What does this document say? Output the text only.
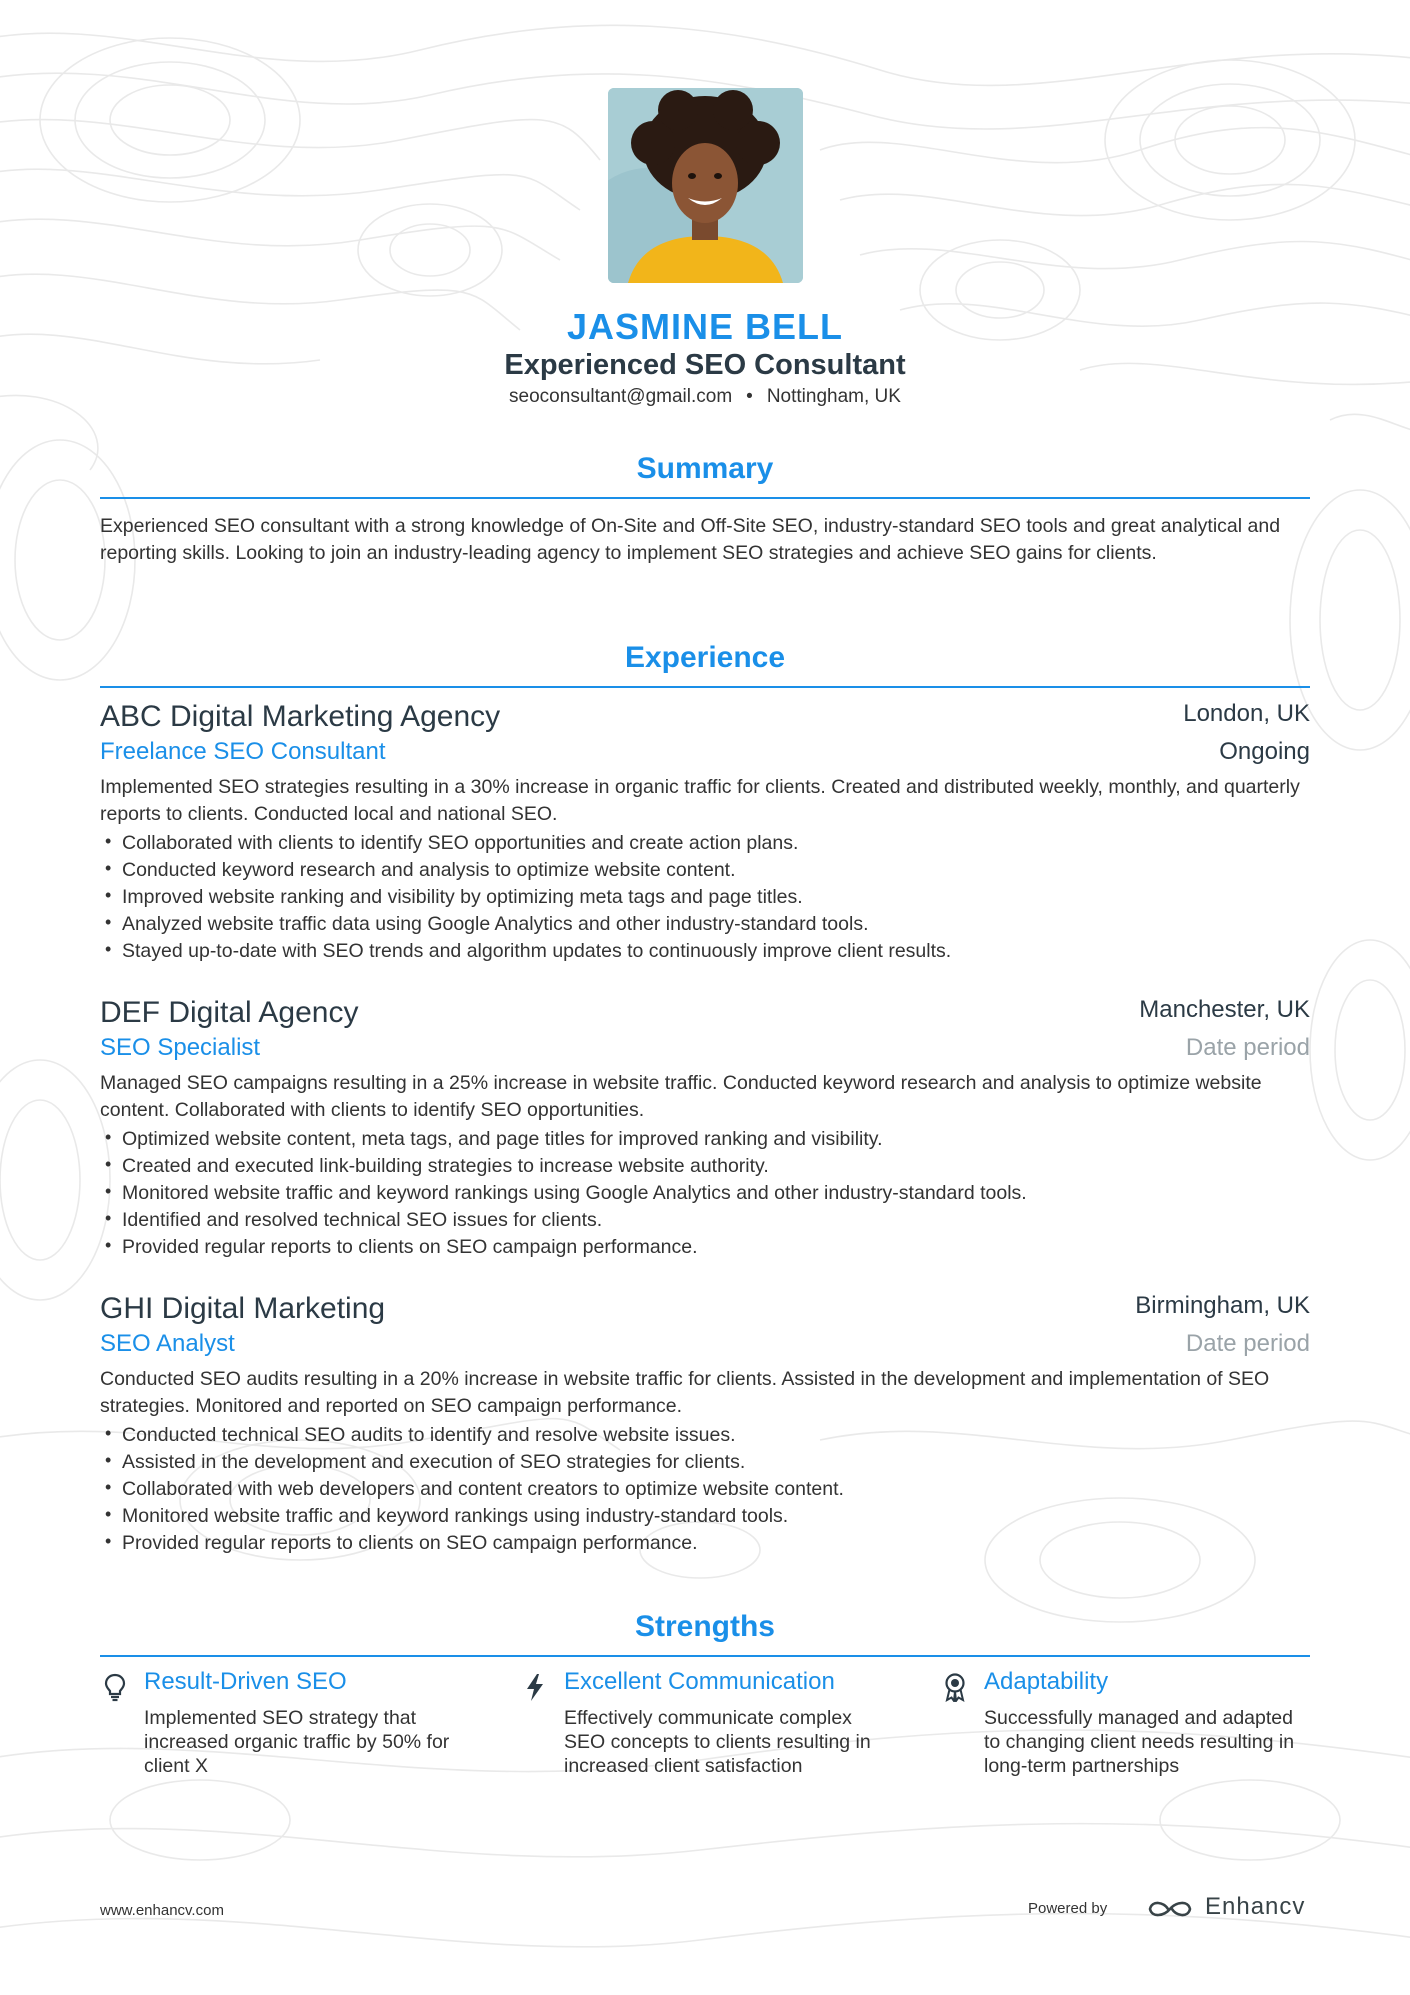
JASMINE BELL
Experienced SEO Consultant
seoconsultant@gmail.com • Nottingham, UK
Summary

Experienced SEO consultant with a strong knowledge of On-Site and Off-Site SEO, industry-standard SEO tools and great analytical and reporting skills. Looking to join an industry-leading agency to implement SEO strategies and achieve SEO gains for clients.

Experience
ABC Digital Marketing Agency	London, UK
Freelance SEO Consultant	Ongoing

Implemented SEO strategies resulting in a 30% increase in organic traffic for clients. Created and distributed weekly, monthly, and quarterly reports to clients. Conducted local and national SEO.

• Collaborated with clients to identify SEO opportunities and create action plans.
• Conducted keyword research and analysis to optimize website content.
• Improved website ranking and visibility by optimizing meta tags and page titles.
• Analyzed website traffic data using Google Analytics and other industry-standard tools.
• Stayed up-to-date with SEO trends and algorithm updates to continuously improve client results.
DEF Digital Agency	Manchester, UK
SEO Specialist	Date period

Managed SEO campaigns resulting in a 25% increase in website traffic. Conducted keyword research and analysis to optimize website content. Collaborated with clients to identify SEO opportunities.

• Optimized website content, meta tags, and page titles for improved ranking and visibility.
• Created and executed link-building strategies to increase website authority.
• Monitored website traffic and keyword rankings using Google Analytics and other industry-standard tools.
• Identified and resolved technical SEO issues for clients.
• Provided regular reports to clients on SEO campaign performance.
GHI Digital Marketing	Birmingham, UK
SEO Analyst	Date period

Conducted SEO audits resulting in a 20% increase in website traffic for clients. Assisted in the development and implementation of SEO strategies. Monitored and reported on SEO campaign performance.

• Conducted technical SEO audits to identify and resolve website issues.
• Assisted in the development and execution of SEO strategies for clients.
• Collaborated with web developers and content creators to optimize website content.
• Monitored website traffic and keyword rankings using industry-standard tools.
• Provided regular reports to clients on SEO campaign performance.
Strengths
Result-Driven SEO
Implemented SEO strategy that increased organic traffic by 50% for client X
Excellent Communication
Effectively communicate complex SEO concepts to clients resulting in increased client satisfaction
Adaptability
Successfully managed and adapted to changing client needs resulting in long-term partnerships
www.enhancv.com	Powered by	Enhancv
